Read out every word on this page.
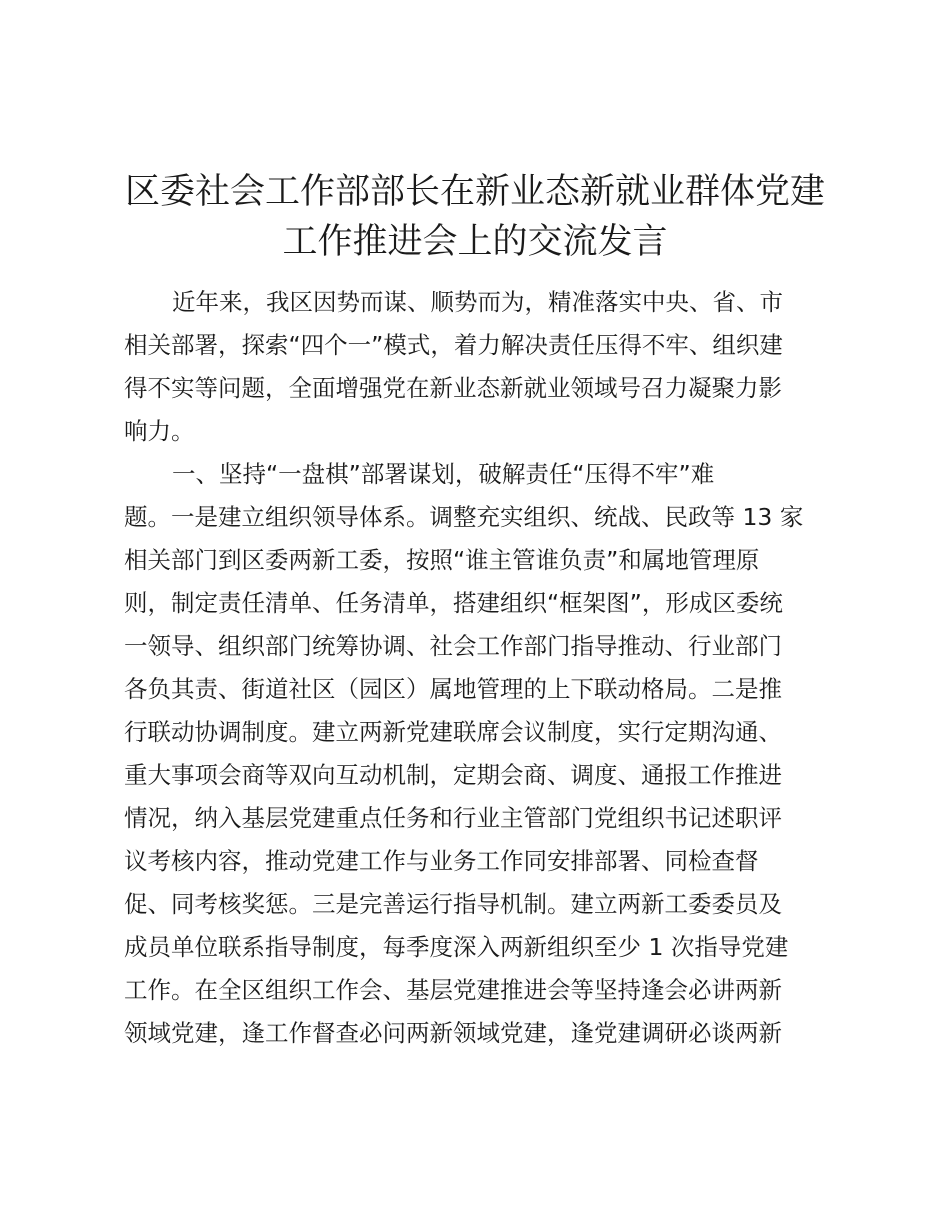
区委社会工作部部长在新业态新就业群体党建
工作推进会上的交流发言

近年来，我区因势而谋、顺势而为，精准落实中央、省、市

相关部署，探索“四个一”模式，着力解决责任压得不牢、组织建

得不实等问题，全面增强党在新业态新就业领域号召力凝聚力影

响力。

一、坚持“一盘棋”部署谋划，破解责任“压得不牢”难

题。一是建立组织领导体系。调整充实组织、统战、民政等 13 家

相关部门到区委两新工委，按照“谁主管谁负责”和属地管理原

则，制定责任清单、任务清单，搭建组织“框架图”，形成区委统

一领导、组织部门统筹协调、社会工作部门指导推动、行业部门

各负其责、街道社区（园区）属地管理的上下联动格局。二是推

行联动协调制度。建立两新党建联席会议制度，实行定期沟通、

重大事项会商等双向互动机制，定期会商、调度、通报工作推进

情况，纳入基层党建重点任务和行业主管部门党组织书记述职评

议考核内容，推动党建工作与业务工作同安排部署、同检查督

促、同考核奖惩。三是完善运行指导机制。建立两新工委委员及

成员单位联系指导制度，每季度深入两新组织至少 1 次指导党建

工作。在全区组织工作会、基层党建推进会等坚持逢会必讲两新

领域党建，逢工作督查必问两新领域党建，逢党建调研必谈两新
